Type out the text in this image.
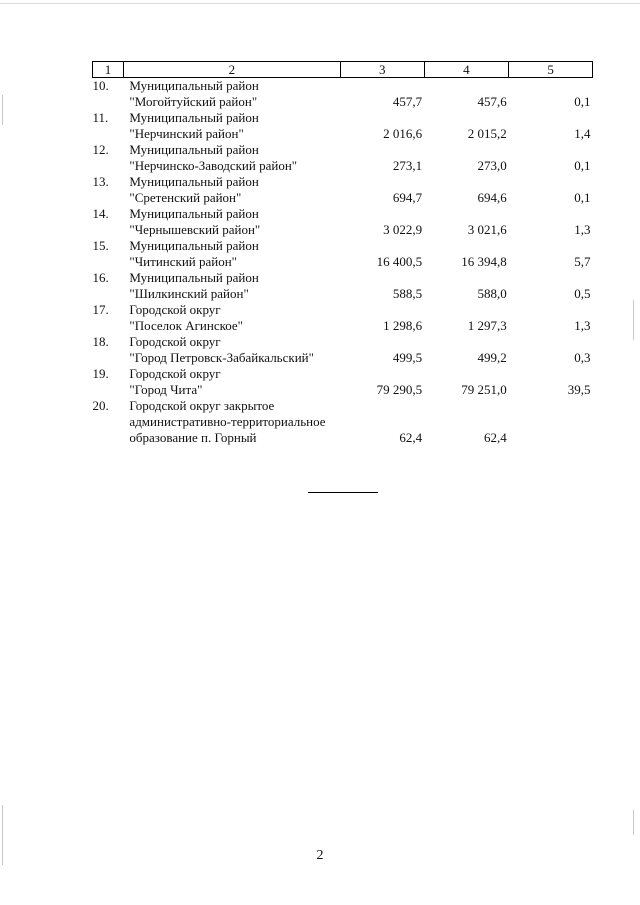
1	2	3	4	5
10.	Муниципальный район
"Могойтуйский район"	457,7	457,6	0,1
11.	Муниципальный район
"Нерчинский район"	2 016,6	2 015,2	1,4
12.	Муниципальный район
"Нерчинско-Заводский район"	273,1	273,0	0,1
13.	Муниципальный район
"Сретенский район"	694,7	694,6	0,1
14.	Муниципальный район
"Чернышевский район"	3 022,9	3 021,6	1,3
15.	Муниципальный район
"Читинский район"	16 400,5	16 394,8	5,7
16.	Муниципальный район
"Шилкинский район"	588,5	588,0	0,5
17.	Городской округ
"Поселок Агинское"	1 298,6	1 297,3	1,3
18.	Городской округ
"Город Петровск-Забайкальский"	499,5	499,2	0,3
19.	Городской округ
"Город Чита"	79 290,5	79 251,0	39,5
20.	Городской округ закрытое
административно-территориальное
образование п. Горный	62,4	62,4	
2
